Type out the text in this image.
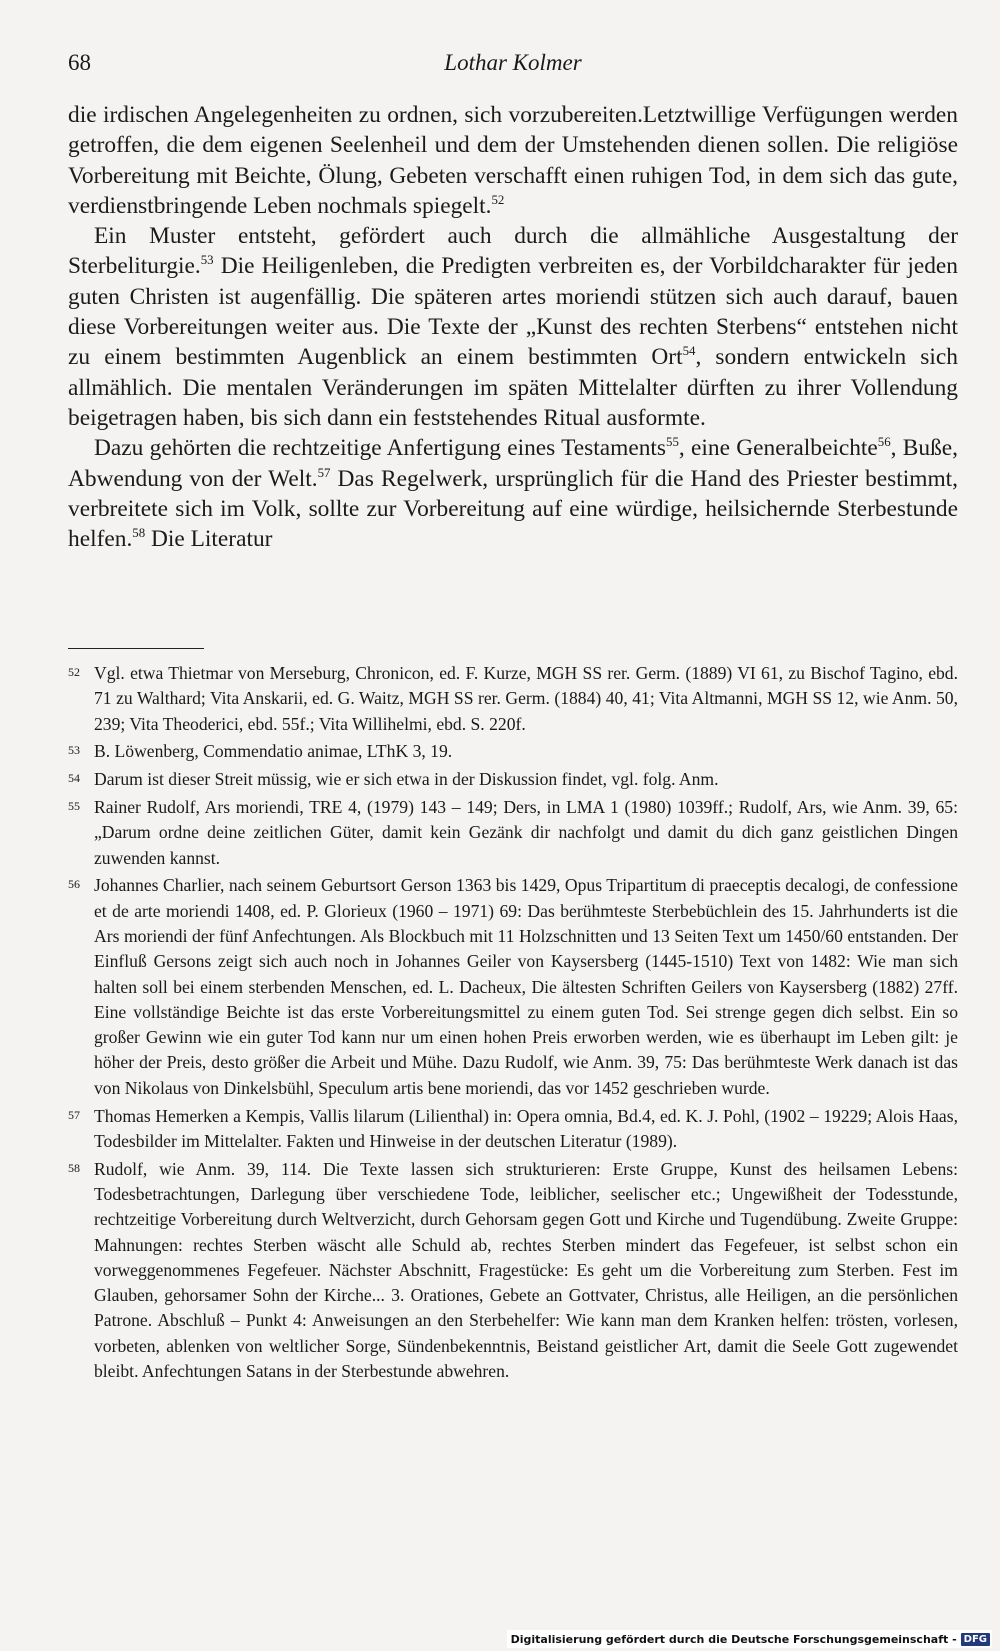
68	Lothar Kolmer

die irdischen Angelegenheiten zu ordnen, sich vorzubereiten.Letztwillige Verfügungen werden getroffen, die dem eigenen Seelenheil und dem der Umstehenden dienen sollen. Die religiöse Vorbereitung mit Beichte, Ölung, Gebeten verschafft einen ruhigen Tod, in dem sich das gute, verdienstbringende Leben nochmals spiegelt.$^{52}$

Ein Muster entsteht, gefördert auch durch die allmähliche Ausgestaltung der Sterbeliturgie.$^{53}$ Die Heiligenleben, die Predigten verbreiten es, der Vorbildcharakter für jeden guten Christen ist augenfällig. Die späteren artes moriendi stützen sich auch darauf, bauen diese Vorbereitungen weiter aus. Die Texte der „Kunst des rechten Sterbens“ entstehen nicht zu einem bestimmten Augenblick an einem bestimmten Ort$^{54}$, sondern entwickeln sich allmählich. Die mentalen Veränderungen im späten Mittelalter dürften zu ihrer Vollendung beigetragen haben, bis sich dann ein feststehendes Ritual ausformte.

Dazu gehörten die rechtzeitige Anfertigung eines Testaments$^{55}$, eine Generalbeichte$^{56}$, Buße, Abwendung von der Welt.$^{57}$ Das Regelwerk, ursprünglich für die Hand des Priester bestimmt, verbreitete sich im Volk, sollte zur Vorbereitung auf eine würdige, heilsichernde Sterbestunde helfen.$^{58}$ Die Literatur

52 Vgl. etwa Thietmar von Merseburg, Chronicon, ed. F. Kurze, MGH SS rer. Germ. (1889) VI 61, zu Bischof Tagino, ebd. 71 zu Walthard; Vita Anskarii, ed. G. Waitz, MGH SS rer. Germ. (1884) 40, 41; Vita Altmanni, MGH SS 12, wie Anm. 50, 239; Vita Theoderici, ebd. 55f.; Vita Willihelmi, ebd. S. 220f.
53 B. Löwenberg, Commendatio animae, LThK 3, 19.
54 Darum ist dieser Streit müssig, wie er sich etwa in der Diskussion findet, vgl. folg. Anm.
55 Rainer Rudolf, Ars moriendi, TRE 4, (1979) 143 – 149; Ders, in LMA 1 (1980) 1039ff.; Rudolf, Ars, wie Anm. 39, 65: „Darum ordne deine zeitlichen Güter, damit kein Gezänk dir nachfolgt und damit du dich ganz geistlichen Dingen zuwenden kannst.
56 Johannes Charlier, nach seinem Geburtsort Gerson 1363 bis 1429, Opus Tripartitum di praeceptis decalogi, de confessione et de arte moriendi 1408, ed. P. Glorieux (1960 – 1971) 69: Das berühmteste Sterbebüchlein des 15. Jahrhunderts ist die Ars moriendi der fünf Anfechtungen. Als Blockbuch mit 11 Holzschnitten und 13 Seiten Text um 1450/60 entstanden. Der Einfluß Gersons zeigt sich auch noch in Johannes Geiler von Kaysersberg (1445-1510) Text von 1482: Wie man sich halten soll bei einem sterbenden Menschen, ed. L. Dacheux, Die ältesten Schriften Geilers von Kaysersberg (1882) 27ff. Eine vollständige Beichte ist das erste Vorbereitungsmittel zu einem guten Tod. Sei strenge gegen dich selbst. Ein so großer Gewinn wie ein guter Tod kann nur um einen hohen Preis erworben werden, wie es überhaupt im Leben gilt: je höher der Preis, desto größer die Arbeit und Mühe. Dazu Rudolf, wie Anm. 39, 75: Das berühmteste Werk danach ist das von Nikolaus von Dinkelsbühl, Speculum artis bene moriendi, das vor 1452 geschrieben wurde.
57 Thomas Hemerken a Kempis, Vallis lilarum (Lilienthal) in: Opera omnia, Bd.4, ed. K. J. Pohl, (1902 – 19229; Alois Haas, Todesbilder im Mittelalter. Fakten und Hinweise in der deutschen Literatur (1989).
58 Rudolf, wie Anm. 39, 114. Die Texte lassen sich strukturieren: Erste Gruppe, Kunst des heilsamen Lebens: Todesbetrachtungen, Darlegung über verschiedene Tode, leiblicher, seelischer etc.; Ungewißheit der Todesstunde, rechtzeitige Vorbereitung durch Weltverzicht, durch Gehorsam gegen Gott und Kirche und Tugendübung. Zweite Gruppe: Mahnungen: rechtes Sterben wäscht alle Schuld ab, rechtes Sterben mindert das Fegefeuer, ist selbst schon ein vorweggenommenes Fegefeuer. Nächster Abschnitt, Fragestücke: Es geht um die Vorbereitung zum Sterben. Fest im Glauben, gehorsamer Sohn der Kirche... 3. Orationes, Gebete an Gottvater, Christus, alle Heiligen, an die persönlichen Patrone. Abschluß – Punkt 4: Anweisungen an den Sterbehelfer: Wie kann man dem Kranken helfen: trösten, vorlesen, vorbeten, ablenken von weltlicher Sorge, Sündenbekenntnis, Beistand geistlicher Art, damit die Seele Gott zugewendet bleibt. Anfechtungen Satans in der Sterbestunde abwehren.
Digitalisierung gefördert durch die Deutsche Forschungsgemeinschaft - DFG
